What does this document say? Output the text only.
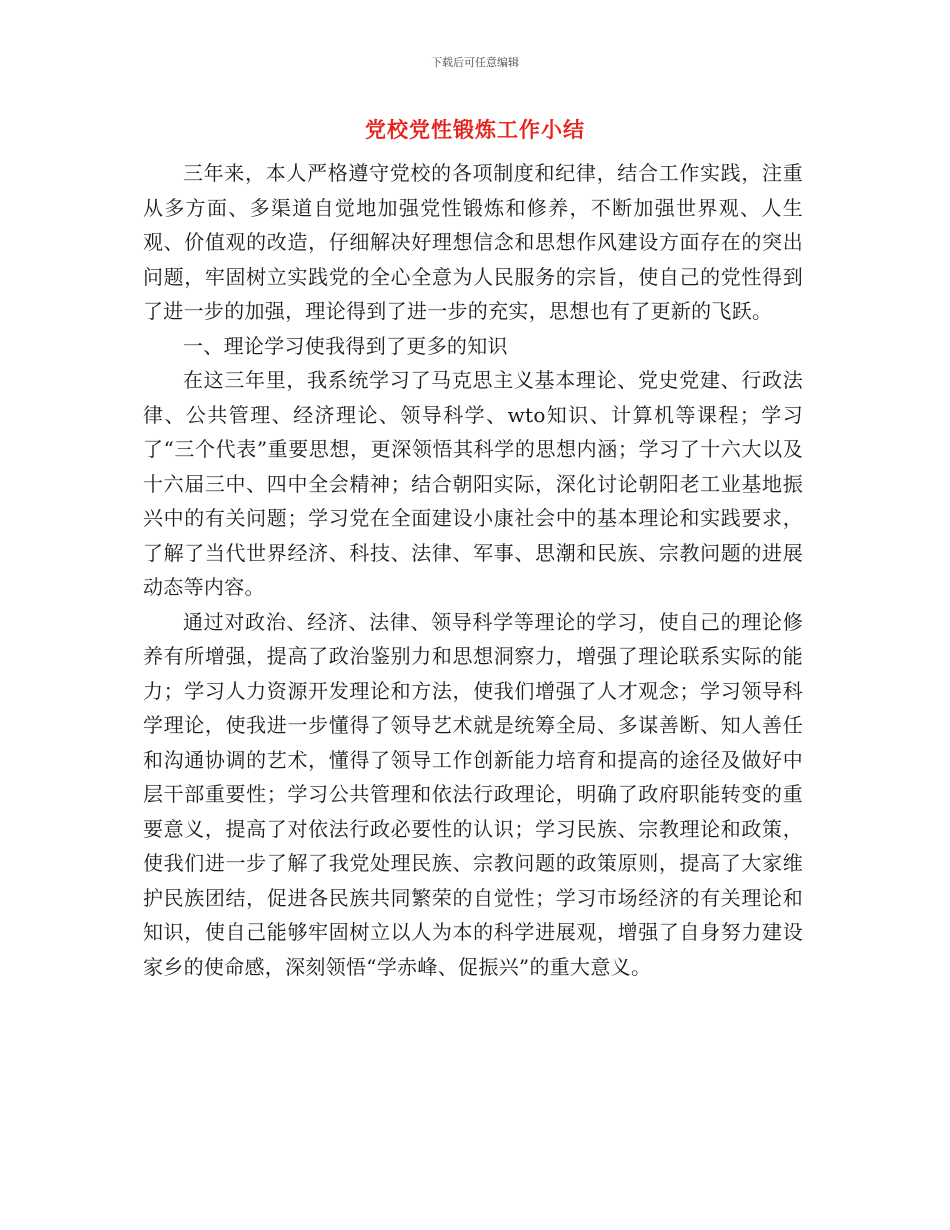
下载后可任意编辑
党校党性锻炼工作小结

三年来，本人严格遵守党校的各项制度和纪律，结合工作实践，注重从多方面、多渠道自觉地加强党性锻炼和修养，不断加强世界观、人生观、价值观的改造，仔细解决好理想信念和思想作风建设方面存在的突出问题，牢固树立实践党的全心全意为人民服务的宗旨，使自己的党性得到了进一步的加强，理论得到了进一步的充实，思想也有了更新的飞跃。

一、理论学习使我得到了更多的知识

在这三年里，我系统学习了马克思主义基本理论、党史党建、行政法律、公共管理、经济理论、领导科学、wto知识、计算机等课程；学习了“三个代表”重要思想，更深领悟其科学的思想内涵；学习了十六大以及十六届三中、四中全会精神；结合朝阳实际，深化讨论朝阳老工业基地振兴中的有关问题；学习党在全面建设小康社会中的基本理论和实践要求，了解了当代世界经济、科技、法律、军事、思潮和民族、宗教问题的进展动态等内容。

通过对政治、经济、法律、领导科学等理论的学习，使自己的理论修养有所增强，提高了政治鉴别力和思想洞察力，增强了理论联系实际的能力；学习人力资源开发理论和方法，使我们增强了人才观念；学习领导科学理论，使我进一步懂得了领导艺术就是统筹全局、多谋善断、知人善任和沟通协调的艺术，懂得了领导工作创新能力培育和提高的途径及做好中层干部重要性；学习公共管理和依法行政理论，明确了政府职能转变的重要意义，提高了对依法行政必要性的认识；学习民族、宗教理论和政策，使我们进一步了解了我党处理民族、宗教问题的政策原则，提高了大家维护民族团结，促进各民族共同繁荣的自觉性；学习市场经济的有关理论和知识，使自己能够牢固树立以人为本的科学进展观，增强了自身努力建设家乡的使命感，深刻领悟“学赤峰、促振兴”的重大意义。
